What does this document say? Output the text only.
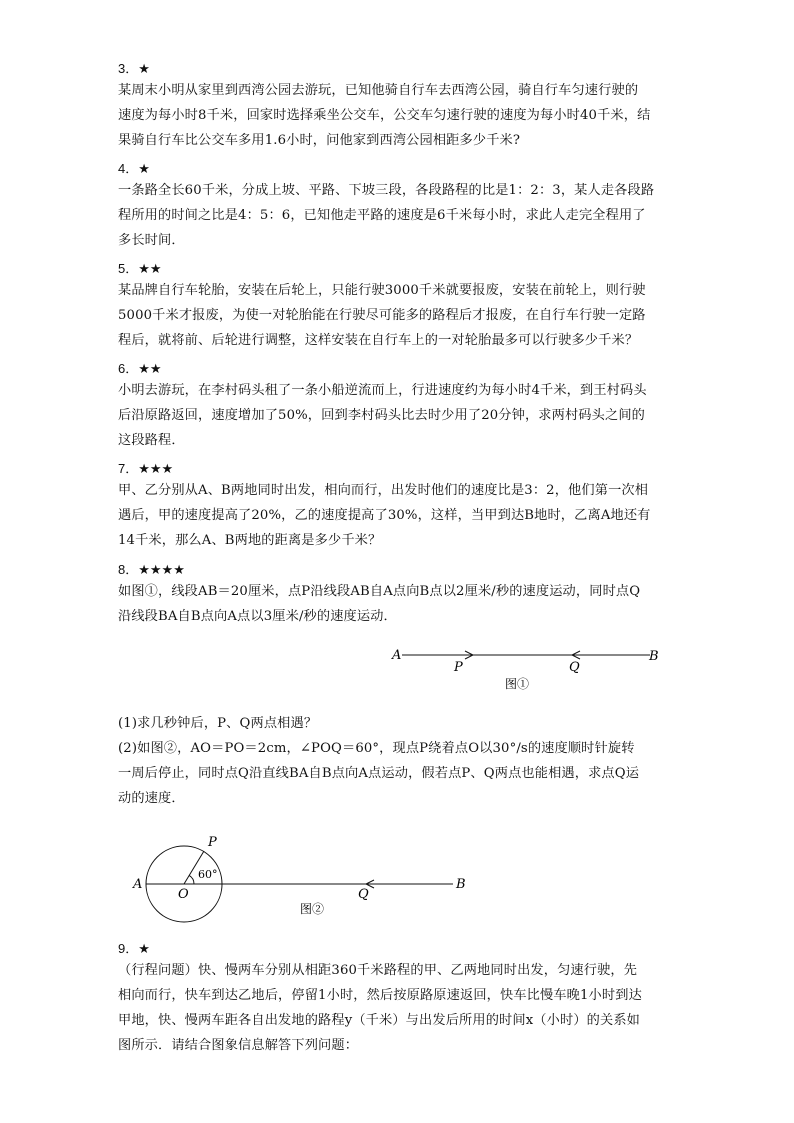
3．★

某周末小明从家里到西湾公园去游玩，已知他骑自行车去西湾公园，骑自行车匀速行驶的
速度为每小时8千米，回家时选择乘坐公交车，公交车匀速行驶的速度为每小时40千米，结
果骑自行车比公交车多用1.6小时，问他家到西湾公园相距多少千米?

4．★

一条路全长60千米，分成上坡、平路、下坡三段，各段路程的比是1：2：3，某人走各段路
程所用的时间之比是4：5：6，已知他走平路的速度是6千米每小时，求此人走完全程用了
多长时间．

5．★★

某品牌自行车轮胎，安装在后轮上，只能行驶3000千米就要报废，安装在前轮上，则行驶
5000千米才报废，为使一对轮胎能在行驶尽可能多的路程后才报废，在自行车行驶一定路
程后，就将前、后轮进行调整，这样安装在自行车上的一对轮胎最多可以行驶多少千米？

6．★★

小明去游玩，在李村码头租了一条小船逆流而上，行进速度约为每小时4千米，到王村码头
后沿原路返回，速度增加了50%，回到李村码头比去时少用了20分钟，求两村码头之间的
这段路程．

7．★★★

甲、乙分别从A、B两地同时出发，相向而行，出发时他们的速度比是3：2，他们第一次相
遇后，甲的速度提高了20%，乙的速度提高了30%，这样，当甲到达B地时，乙离A地还有
14千米，那么A、B两地的距离是多少千米？

8．★★★★

如图①，线段AB＝20厘米，点P沿线段AB自A点向B点以2厘米/秒的速度运动，同时点Q
沿线段BA自B点向A点以3厘米/秒的速度运动．

A
P	Q
B
图①

(1)求几秒钟后，P、Q两点相遇？

(2)如图②，AO＝PO＝2cm，∠POQ＝60°，现点P绕着点O以30°/s的速度顺时针旋转
一周后停止，同时点Q沿直线BA自B点向A点运动，假若点P、Q两点也能相遇，求点Q运
动的速度．

A
O
P
60°
Q
B
图②
9．★

（行程问题）快、慢两车分别从相距360千米路程的甲、乙两地同时出发，匀速行驶，先
相向而行，快车到达乙地后，停留1小时，然后按原路原速返回，快车比慢车晚1小时到达
甲地，快、慢两车距各自出发地的路程y（千米）与出发后所用的时间x（小时）的关系如
图所示．请结合图象信息解答下列问题：
